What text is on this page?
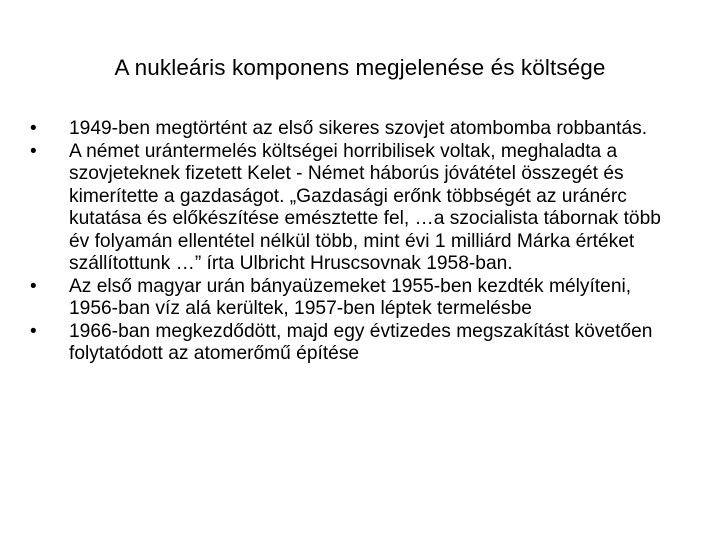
A nukleáris komponens megjelenése és költsége
•	1949-ben megtörtént az első sikeres szovjet atombomba robbantás.
•	A német urántermelés költségei horribilisek voltak, meghaladta a szovjeteknek fizetett Kelet - Német háborús jóvátétel összegét és kimerítette a gazdaságot. „Gazdasági erőnk többségét az uránérc kutatása és előkészítése emésztette fel, …a szocialista tábornak több év folyamán ellentétel nélkül több, mint évi 1 milliárd Márka értéket szállítottunk …” írta Ulbricht Hruscsovnak 1958-ban.
•	Az első magyar urán bányaüzemeket 1955-ben kezdték mélyíteni, 1956-ban víz alá kerültek, 1957-ben léptek termelésbe
•	1966-ban megkezdődött, majd egy évtizedes megszakítást követően folytatódott az atomerőmű építése
